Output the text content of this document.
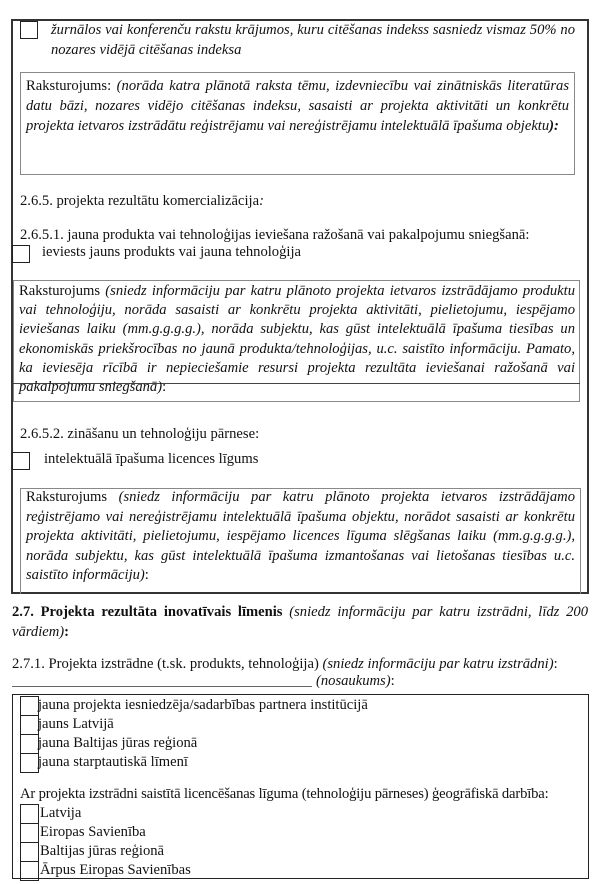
žurnālos vai konferenču rakstu krājumos, kuru citēšanas indekss sasniedz vismaz 50% no nozares vidējā citēšanas indeksa
Raksturojums: (norāda katra plānotā raksta tēmu, izdevniecību vai zinātniskās literatūras datu bāzi, nozares vidējo citēšanas indeksu, sasaisti ar projekta aktivitāti un konkrētu projekta ietvaros izstrādātu reģistrējamu vai nereģistrējamu intelektuālā īpašuma objektu):
2.6.5. projekta rezultātu komercializācija:
2.6.5.1. jauna produkta vai tehnoloģijas ieviešana ražošanā vai pakalpojumu sniegšanā:
ieviests jauns produkts vai jauna tehnoloģija
Raksturojums (sniedz informāciju par katru plānoto projekta ietvaros izstrādājamo produktu vai tehnoloģiju, norāda sasaisti ar konkrētu projekta aktivitāti, pielietojumu, iespējamo ieviešanas laiku (mm.g.g.g.g.), norāda subjektu, kas gūst intelektuālā īpašuma tiesības un ekonomiskās priekšrocības no jaunā produkta/tehnoloģijas, u.c. saistīto informāciju. Pamato, ka ieviesēja rīcībā ir nepieciešamie resursi projekta rezultāta ieviešanai ražošanā vai pakalpojumu sniegšanā):
2.6.5.2. zināšanu un tehnoloģiju pārnese:
intelektuālā īpašuma licences līgums
Raksturojums (sniedz informāciju par katru plānoto projekta ietvaros izstrādājamo reģistrējamo vai nereģistrējamu intelektuālā īpašuma objektu, norādot sasaisti ar konkrētu projekta aktivitāti, pielietojumu, iespējamo licences līguma slēgšanas laiku (mm.g.g.g.g.), norāda subjektu, kas gūst intelektuālā īpašuma izmantošanas vai lietošanas tiesības u.c. saistīto informāciju):
2.7. Projekta rezultāta inovatīvais līmenis (sniedz informāciju par katru izstrādni, līdz 200 vārdiem):
2.7.1. Projekta izstrādne (t.sk. produkts, tehnoloģija) (sniedz informāciju par katru izstrādni):
(nosaukums):
jauna projekta iesniedzēja/sadarbības partnera institūcijā
jauns Latvijā
jauna Baltijas jūras reģionā
jauna starptautiskā līmenī
Ar projekta izstrādni saistītā licencēšanas līguma (tehnoloģiju pārneses) ģeogrāfiskā darbība:
Latvija
Eiropas Savienība
Baltijas jūras reģionā
Ārpus Eiropas Savienības
